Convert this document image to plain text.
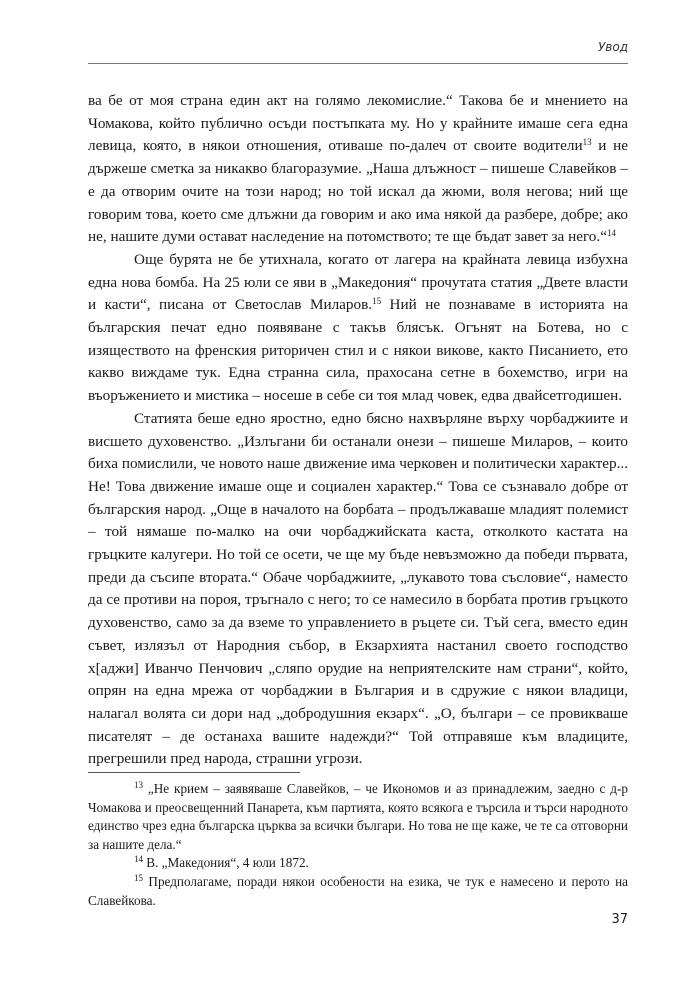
Увод

ва бе от моя страна един акт на голямо лекомислие.“ Такова бе и мнението на Чомакова, който публично осъди постъпката му. Но у крайните имаше сега една левица, която, в някои отношения, отиваше по-далеч от своите водители$^{13}$ и не държеше сметка за никакво благоразумие. „Наша длъжност – пишеше Славейков – е да отворим очите на този народ; но той искал да жюми, воля негова; ний ще говорим това, което сме длъжни да говорим и ако има някой да разбере, добре; ако не, нашите думи остават наследение на потомството; те ще бъдат завет за него.“$^{14}$

Още бурята не бе утихнала, когато от лагера на крайната левица избухна една нова бомба. На 25 юли се яви в „Македония“ прочутата статия „Двете власти и касти“, писана от Светослав Миларов.$^{15}$ Ний не познаваме в историята на българския печат едно появяване с такъв блясък. Огънят на Ботева, но с изяществото на френския риторичен стил и с някои викове, както Писанието, ето какво виждаме тук. Една странна сила, прахосана сетне в бохемство, игри на въоръжението и мистика – носеше в себе си тоя млад човек, едва двайсетгодишен.

Статията беше едно яростно, едно бясно нахвърляне върху чорбаджиите и висшето духовенство. „Излъгани би останали онези – пишеше Миларов, – които биха помислили, че новото наше движение има черковен и политически характер... Не! Това движение имаше още и социален характер.“ Това се съзнавало добре от българския народ. „Още в началото на борбата – продължаваше младият полемист – той нямаше по-малко на очи чорбаджийската каста, отколкото кастата на гръцките калугери. Но той се осети, че ще му бъде невъзможно да победи първата, преди да съсипе втората.“ Обаче чорбаджиите, „лукавото това съсловие“, наместо да се противи на пороя, тръгнало с него; то се намесило в борбата против гръцкото духовенство, само за да вземе то управлението в ръцете си. Тъй сега, вместо един съвет, излязъл от Народния събор, в Екзархията настанил своето господство х[аджи] Иванчо Пенчович „сляпо орудие на неприятелските нам страни“, който, опрян на една мрежа от чорбаджии в България и в сдружие с някои владици, налагал волята си дори над „добродушния екзарх“. „О, българи – се провикваше писателят – де останаха вашите надежди?“ Той отправяше към владиците, прегрешили пред народа, страшни угрози.

$^{13}$ „Не крием – заявяваше Славейков, – че Икономов и аз принадлежим, заедно с д-р Чомакова и преосвещенний Панарета, към партията, която всякога е търсила и търси народното единство чрез една българска църква за всички българи. Но това не ще каже, че те са отговорни за нашите дела.“

$^{14}$ В. „Македония“, 4 юли 1872.

$^{15}$ Предполагаме, поради някои особености на езика, че тук е намесено и перото на Славейкова.

37
